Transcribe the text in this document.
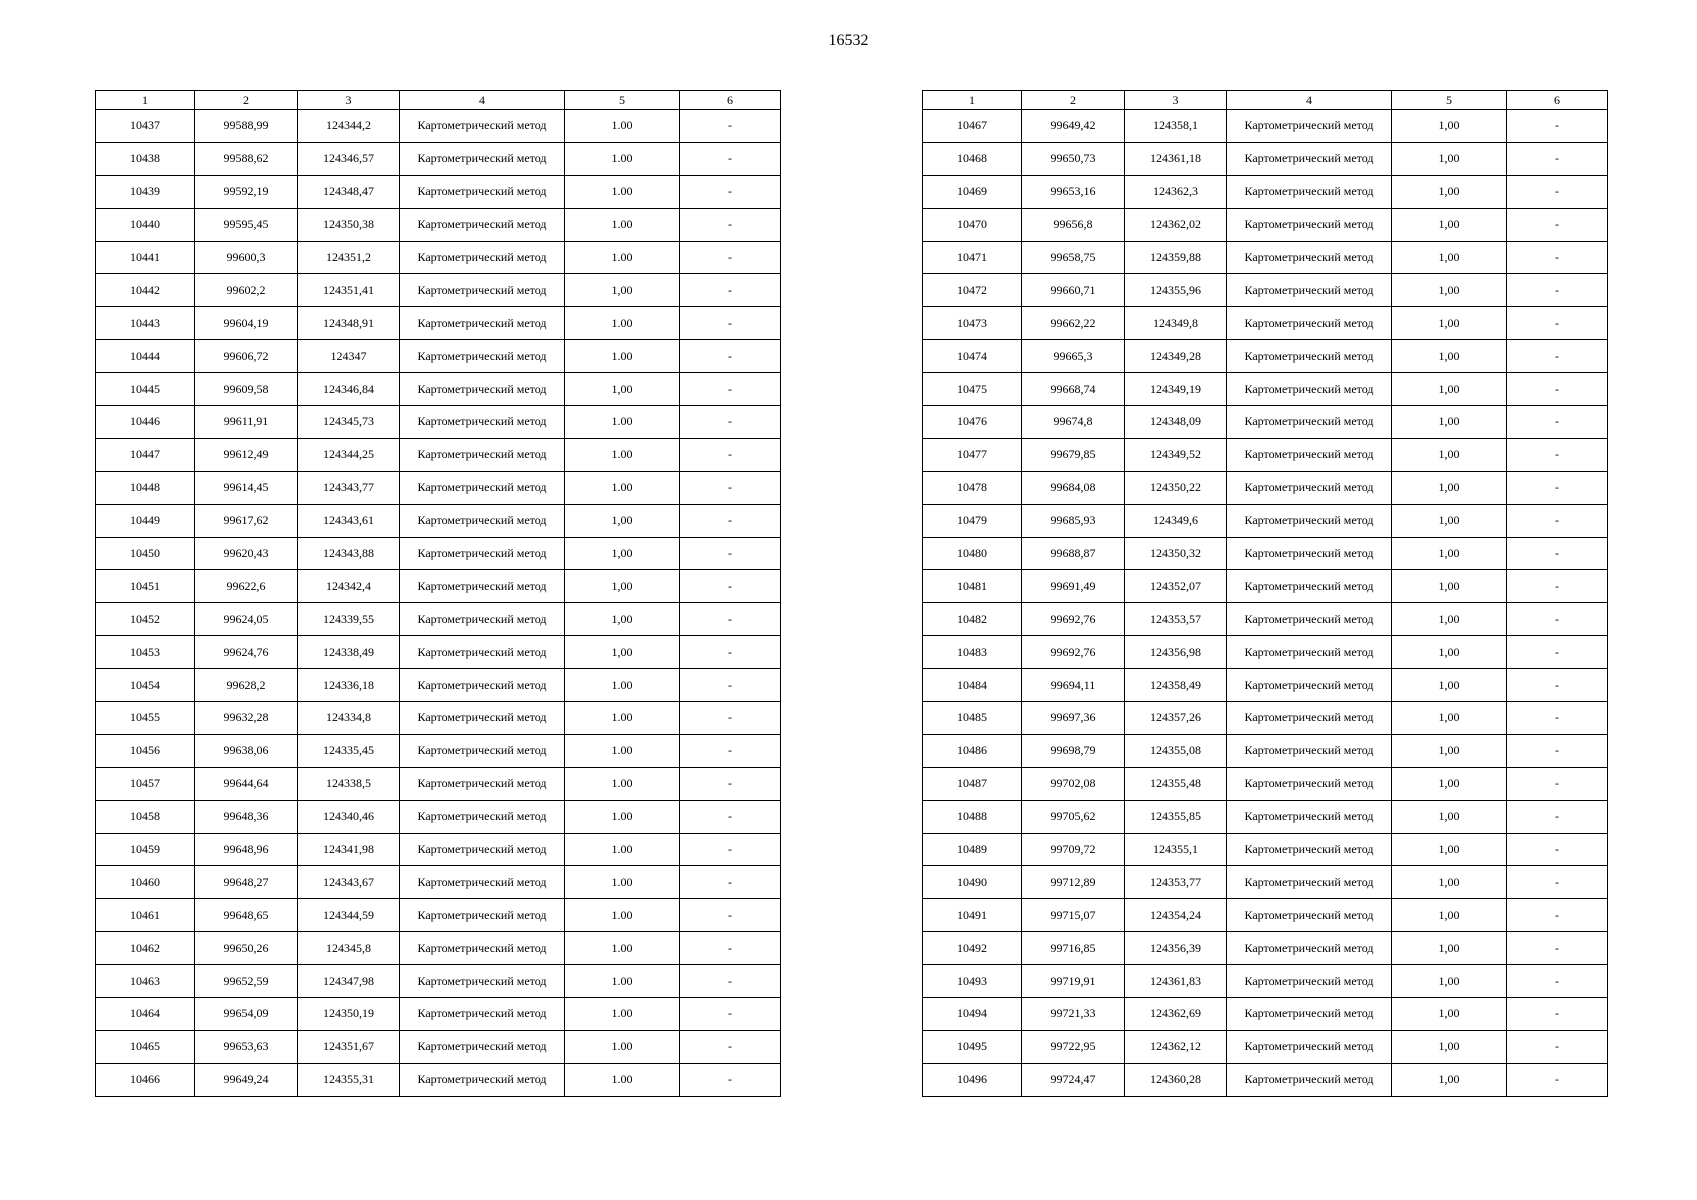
16532
1	2	3	4	5	6
10437	99588,99	124344,2	Картометрический метод	1.00	-
10438	99588,62	124346,57	Картометрический метод	1.00	-
10439	99592,19	124348,47	Картометрический метод	1.00	-
10440	99595,45	124350,38	Картометрический метод	1.00	-
10441	99600,3	124351,2	Картометрический метод	1.00	-
10442	99602,2	124351,41	Картометрический метод	1,00	-
10443	99604,19	124348,91	Картометрический метод	1.00	-
10444	99606,72	124347	Картометрический метод	1.00	-
10445	99609,58	124346,84	Картометрический метод	1,00	-
10446	99611,91	124345,73	Картометрический метод	1.00	-
10447	99612,49	124344,25	Картометрический метод	1.00	-
10448	99614,45	124343,77	Картометрический метод	1.00	-
10449	99617,62	124343,61	Картометрический метод	1,00	-
10450	99620,43	124343,88	Картометрический метод	1,00	-
10451	99622,6	124342,4	Картометрический метод	1,00	-
10452	99624,05	124339,55	Картометрический метод	1,00	-
10453	99624,76	124338,49	Картометрический метод	1,00	-
10454	99628,2	124336,18	Картометрический метод	1.00	-
10455	99632,28	124334,8	Картометрический метод	1.00	-
10456	99638,06	124335,45	Картометрический метод	1.00	-
10457	99644,64	124338,5	Картометрический метод	1.00	-
10458	99648,36	124340,46	Картометрический метод	1.00	-
10459	99648,96	124341,98	Картометрический метод	1.00	-
10460	99648,27	124343,67	Картометрический метод	1.00	-
10461	99648,65	124344,59	Картометрический метод	1.00	-
10462	99650,26	124345,8	Картометрический метод	1.00	-
10463	99652,59	124347,98	Картометрический метод	1.00	-
10464	99654,09	124350,19	Картометрический метод	1.00	-
10465	99653,63	124351,67	Картометрический метод	1.00	-
10466	99649,24	124355,31	Картометрический метод	1.00	-
1	2	3	4	5	6
10467	99649,42	124358,1	Картометрический метод	1,00	-
10468	99650,73	124361,18	Картометрический метод	1,00	-
10469	99653,16	124362,3	Картометрический метод	1,00	-
10470	99656,8	124362,02	Картометрический метод	1,00	-
10471	99658,75	124359,88	Картометрический метод	1,00	-
10472	99660,71	124355,96	Картометрический метод	1,00	-
10473	99662,22	124349,8	Картометрический метод	1,00	-
10474	99665,3	124349,28	Картометрический метод	1,00	-
10475	99668,74	124349,19	Картометрический метод	1,00	-
10476	99674,8	124348,09	Картометрический метод	1,00	-
10477	99679,85	124349,52	Картометрический метод	1,00	-
10478	99684,08	124350,22	Картометрический метод	1,00	-
10479	99685,93	124349,6	Картометрический метод	1,00	-
10480	99688,87	124350,32	Картометрический метод	1,00	-
10481	99691,49	124352,07	Картометрический метод	1,00	-
10482	99692,76	124353,57	Картометрический метод	1,00	-
10483	99692,76	124356,98	Картометрический метод	1,00	-
10484	99694,11	124358,49	Картометрический метод	1,00	-
10485	99697,36	124357,26	Картометрический метод	1,00	-
10486	99698,79	124355,08	Картометрический метод	1,00	-
10487	99702,08	124355,48	Картометрический метод	1,00	-
10488	99705,62	124355,85	Картометрический метод	1,00	-
10489	99709,72	124355,1	Картометрический метод	1,00	-
10490	99712,89	124353,77	Картометрический метод	1,00	-
10491	99715,07	124354,24	Картометрический метод	1,00	-
10492	99716,85	124356,39	Картометрический метод	1,00	-
10493	99719,91	124361,83	Картометрический метод	1,00	-
10494	99721,33	124362,69	Картометрический метод	1,00	-
10495	99722,95	124362,12	Картометрический метод	1,00	-
10496	99724,47	124360,28	Картометрический метод	1,00	-
